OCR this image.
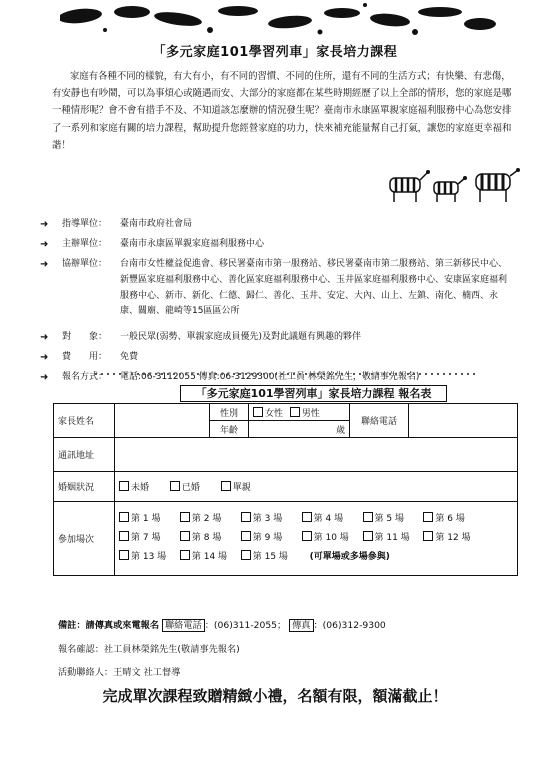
「多元家庭101學習列車」家長培力課程
家庭有各種不同的樣貌，有大有小，有不同的習慣、不同的住所，還有不同的生活方式；有快樂、有悲傷，有安靜也有吵鬧，可以為事煩心或隨遇而安、大部分的家庭都在某些時期經歷了以上全部的情形，您的家庭是哪一種情形呢？會不會有措手不及、不知道該怎麼辦的情況發生呢？臺南市永康區單親家庭福利服務中心為您安排了一系列和家庭有關的培力課程，幫助提升您經營家庭的功力，快來補充能量幫自己打氣，讓您的家庭更幸福和諧！
➜	指導單位：	臺南市政府社會局
➜	主辦單位：	臺南市永康區單親家庭福利服務中心
➜	協辦單位：	台南市女性權益促進會、移民署臺南市第一服務站、移民署臺南市第二服務站、第三新移民中心、新豐區家庭福利服務中心、善化區家庭福利服務中心、玉井區家庭福利服務中心、安康區家庭福利服務中心、新市、新化、仁德、歸仁、善化、玉井、安定、大內、山上、左鎮、南化、楠西、永康、關廟、龍崎等15區區公所
➜	對　　象：	一般民眾(弱勢、單親家庭成員優先)及對此議題有興趣的夥伴
➜	費　　用：	免費
➜	報名方式：	電話:06-3112055 傳真:06-3129300(社工員 林榮銘先生，敬請事先報名)
「多元家庭101學習列車」家長培力課程 報名表
家長姓名		性別	女性 男性	聯絡電話	
		年齡	歲		
通訊地址					
婚姻狀況	未婚 已婚 單親				
參加場次	第 1 場 第 2 場 第 3 場 第 4 場 第 5 場 第 6 場
第 7 場 第 8 場 第 9 場 第 10 場 第 11 場 第 12 場
第 13 場 第 14 場 第 15 場 (可單場或多場參與)				
備註：請傳真或來電報名 聯絡電話 ：(06)311-2055； 傳真 ：(06)312-9300
報名確認：社工員林榮銘先生(敬請事先報名)
活動聯絡人：王晴文 社工督導
完成單次課程致贈精緻小禮，名額有限，額滿截止！
